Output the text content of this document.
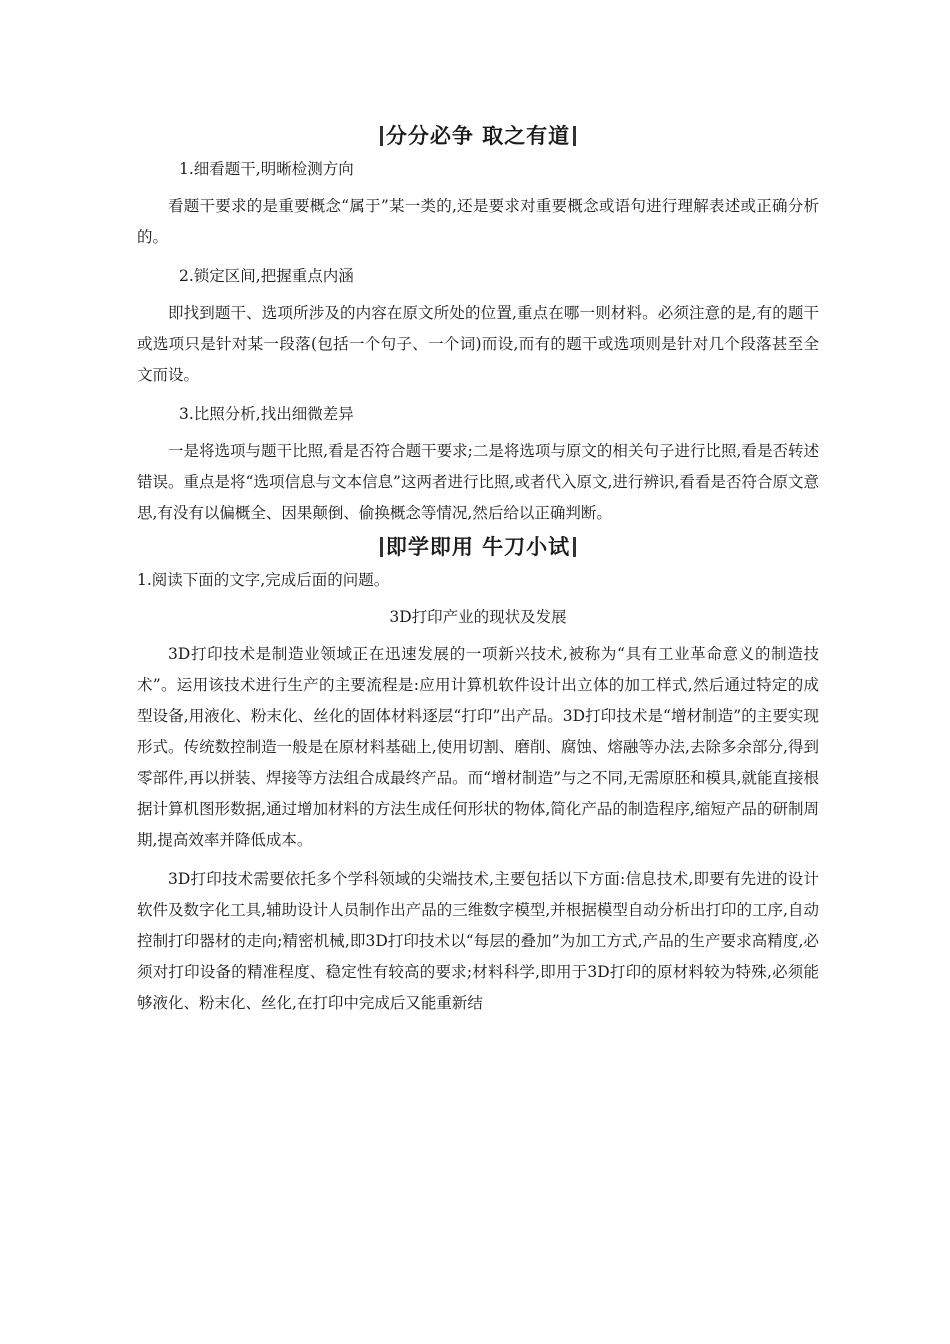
分分必争 取之有道

1.细看题干,明晰检测方向

看题干要求的是重要概念“属于”某一类的,还是要求对重要概念或语句进行理解表述或正确分析的。

2.锁定区间,把握重点内涵

即找到题干、选项所涉及的内容在原文所处的位置,重点在哪一则材料。必须注意的是,有的题干或选项只是针对某一段落(包括一个句子、一个词)而设,而有的题干或选项则是针对几个段落甚至全文而设。

3.比照分析,找出细微差异

一是将选项与题干比照,看是否符合题干要求;二是将选项与原文的相关句子进行比照,看是否转述错误。重点是将“选项信息与文本信息”这两者进行比照,或者代入原文,进行辨识,看看是否符合原文意思,有没有以偏概全、因果颠倒、偷换概念等情况,然后给以正确判断。

即学即用 牛刀小试

1.阅读下面的文字,完成后面的问题。

3D打印产业的现状及发展

3D打印技术是制造业领域正在迅速发展的一项新兴技术,被称为“具有工业革命意义的制造技术”。运用该技术进行生产的主要流程是:应用计算机软件设计出立体的加工样式,然后通过特定的成型设备,用液化、粉末化、丝化的固体材料逐层“打印”出产品。3D打印技术是“增材制造”的主要实现形式。传统数控制造一般是在原材料基础上,使用切割、磨削、腐蚀、熔融等办法,去除多余部分,得到零部件,再以拼装、焊接等方法组合成最终产品。而“增材制造”与之不同,无需原胚和模具,就能直接根据计算机图形数据,通过增加材料的方法生成任何形状的物体,简化产品的制造程序,缩短产品的研制周期,提高效率并降低成本。

3D打印技术需要依托多个学科领域的尖端技术,主要包括以下方面:信息技术,即要有先进的设计软件及数字化工具,辅助设计人员制作出产品的三维数字模型,并根据模型自动分析出打印的工序,自动控制打印器材的走向;精密机械,即3D打印技术以“每层的叠加”为加工方式,产品的生产要求高精度,必须对打印设备的精准程度、稳定性有较高的要求;材料科学,即用于3D打印的原材料较为特殊,必须能够液化、粉末化、丝化,在打印中完成后又能重新结
